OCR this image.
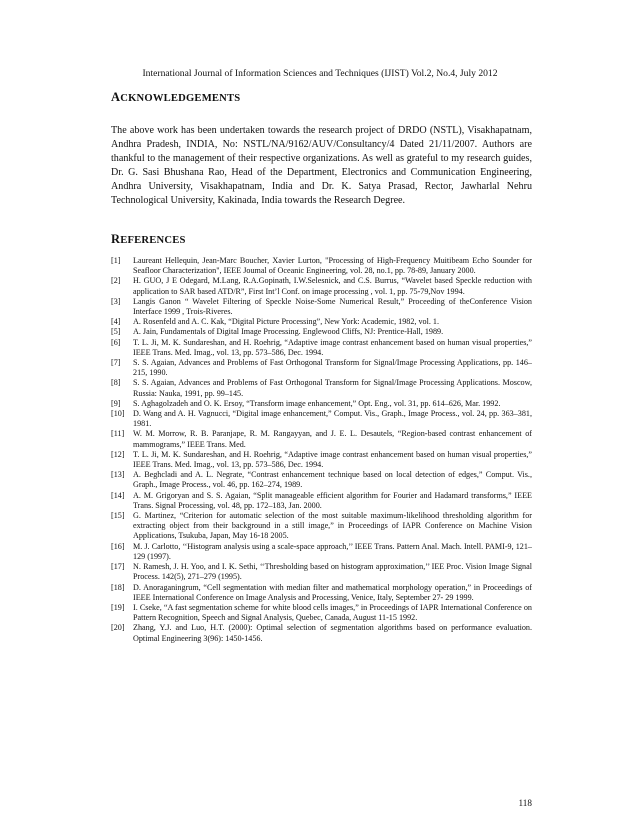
International Journal of Information Sciences and Techniques (IJIST) Vol.2, No.4, July 2012
ACKNOWLEDGEMENTS

The above work has been undertaken towards the research project of DRDO (NSTL), Visakhapatnam, Andhra Pradesh, INDIA, No: NSTL/NA/9162/AUV/Consultancy/4 Dated 21/11/2007. Authors are thankful to the management of their respective organizations. As well as grateful to my research guides, Dr. G. Sasi Bhushana Rao, Head of the Department, Electronics and Communication Engineering, Andhra University, Visakhapatnam, India and Dr. K. Satya Prasad, Rector, Jawharlal Nehru Technological University, Kakinada, India towards the Research Degree.

REFERENCES
[1]	Laureant Hellequin, Jean-Marc Boucher, Xavier Lurton, "Processing of High-Frequency Muitibeam Echo Sounder for Seafloor Characterization", IEEE Joumal of Oceanic Engineering, vol. 28, no.1, pp. 78-89, January 2000.
[2]	H. GUO, J E Odegard, M.Lang, R.A.Gopinath, I.W.Selesnick, and C.S. Burrus, “Wavelet based Speckle reduction with application to SAR based ATD/R”, First Int’l Conf. on image processing , vol. 1, pp. 75-79,Nov 1994.
[3]	Langis Ganon “ Wavelet Filtering of Speckle Noise-Some Numerical Result,” Proceeding of theConference Vision Interface 1999 , Trois-Riveres.
[4]	A. Rosenfeld and A. C. Kak, “Digital Picture Processing”, New York: Academic, 1982, vol. 1.
[5]	A. Jain, Fundamentals of Digital Image Processing. Englewood Cliffs, NJ: Prentice-Hall, 1989.
[6]	T. L. Ji, M. K. Sundareshan, and H. Roehrig, “Adaptive image contrast enhancement based on human visual properties,” IEEE Trans. Med. Imag., vol. 13, pp. 573–586, Dec. 1994.
[7]	S. S. Agaian, Advances and Problems of Fast Orthogonal Transform for Signal/Image Processing Applications, pp. 146–215, 1990.
[8]	S. S. Agaian, Advances and Problems of Fast Orthogonal Transform for Signal/Image Processing Applications. Moscow, Russia: Nauka, 1991, pp. 99–145.
[9]	S. Aghagolzadeh and O. K. Ersoy, “Transform image enhancement,” Opt. Eng., vol. 31, pp. 614–626, Mar. 1992.
[10]	D. Wang and A. H. Vagnucci, “Digital image enhancement,” Comput. Vis., Graph., Image Process., vol. 24, pp. 363–381, 1981.
[11]	W. M. Morrow, R. B. Paranjape, R. M. Rangayyan, and J. E. L. Desautels, “Region-based contrast enhancement of mammograms,” IEEE Trans. Med.
[12]	T. L. Ji, M. K. Sundareshan, and H. Roehrig, “Adaptive image contrast enhancement based on human visual properties,” IEEE Trans. Med. Imag., vol. 13, pp. 573–586, Dec. 1994.
[13]	A. Beghcladi and A. L. Negrate, “Contrast enhancement technique based on local detection of edges,” Comput. Vis., Graph., Image Process., vol. 46, pp. 162–274, 1989.
[14]	A. M. Grigoryan and S. S. Agaian, “Split manageable efficient algorithm for Fourier and Hadamard transforms,” IEEE Trans. Signal Processing, vol. 48, pp. 172–183, Jan. 2000.
[15]	G. Martinez, “Criterion for automatic selection of the most suitable maximum-likelihood thresholding algorithm for extracting object from their background in a still image,” in Proceedings of IAPR Conference on Machine Vision Applications, Tsukuba, Japan, May 16-18 2005.
[16]	M. J. Carlotto, ‘‘Histogram analysis using a scale-space approach,’’ IEEE Trans. Pattern Anal. Mach. Intell. PAMI-9, 121–129 (1997).
[17]	N. Ramesh, J. H. Yoo, and I. K. Sethi, ‘‘Thresholding based on histogram approximation,’’ IEE Proc. Vision Image Signal Process. 142(5), 271–279 (1995).
[18]	D. Anoraganingrum, “Cell segmentation with median filter and mathematical morphology operation,” in Proceedings of IEEE International Conference on Image Analysis and Processing, Venice, Italy, September 27- 29 1999.
[19]	I. Cseke, “A fast segmentation scheme for white blood cells images,” in Proceedings of IAPR International Conference on Pattern Recognition, Speech and Signal Analysis, Quebec, Canada, August 11-15 1992.
[20]	Zhang, Y.J. and Luo, H.T. (2000): Optimal selection of segmentation algorithms based on performance evaluation. Optimal Engineering 3(96): 1450-1456.
118
